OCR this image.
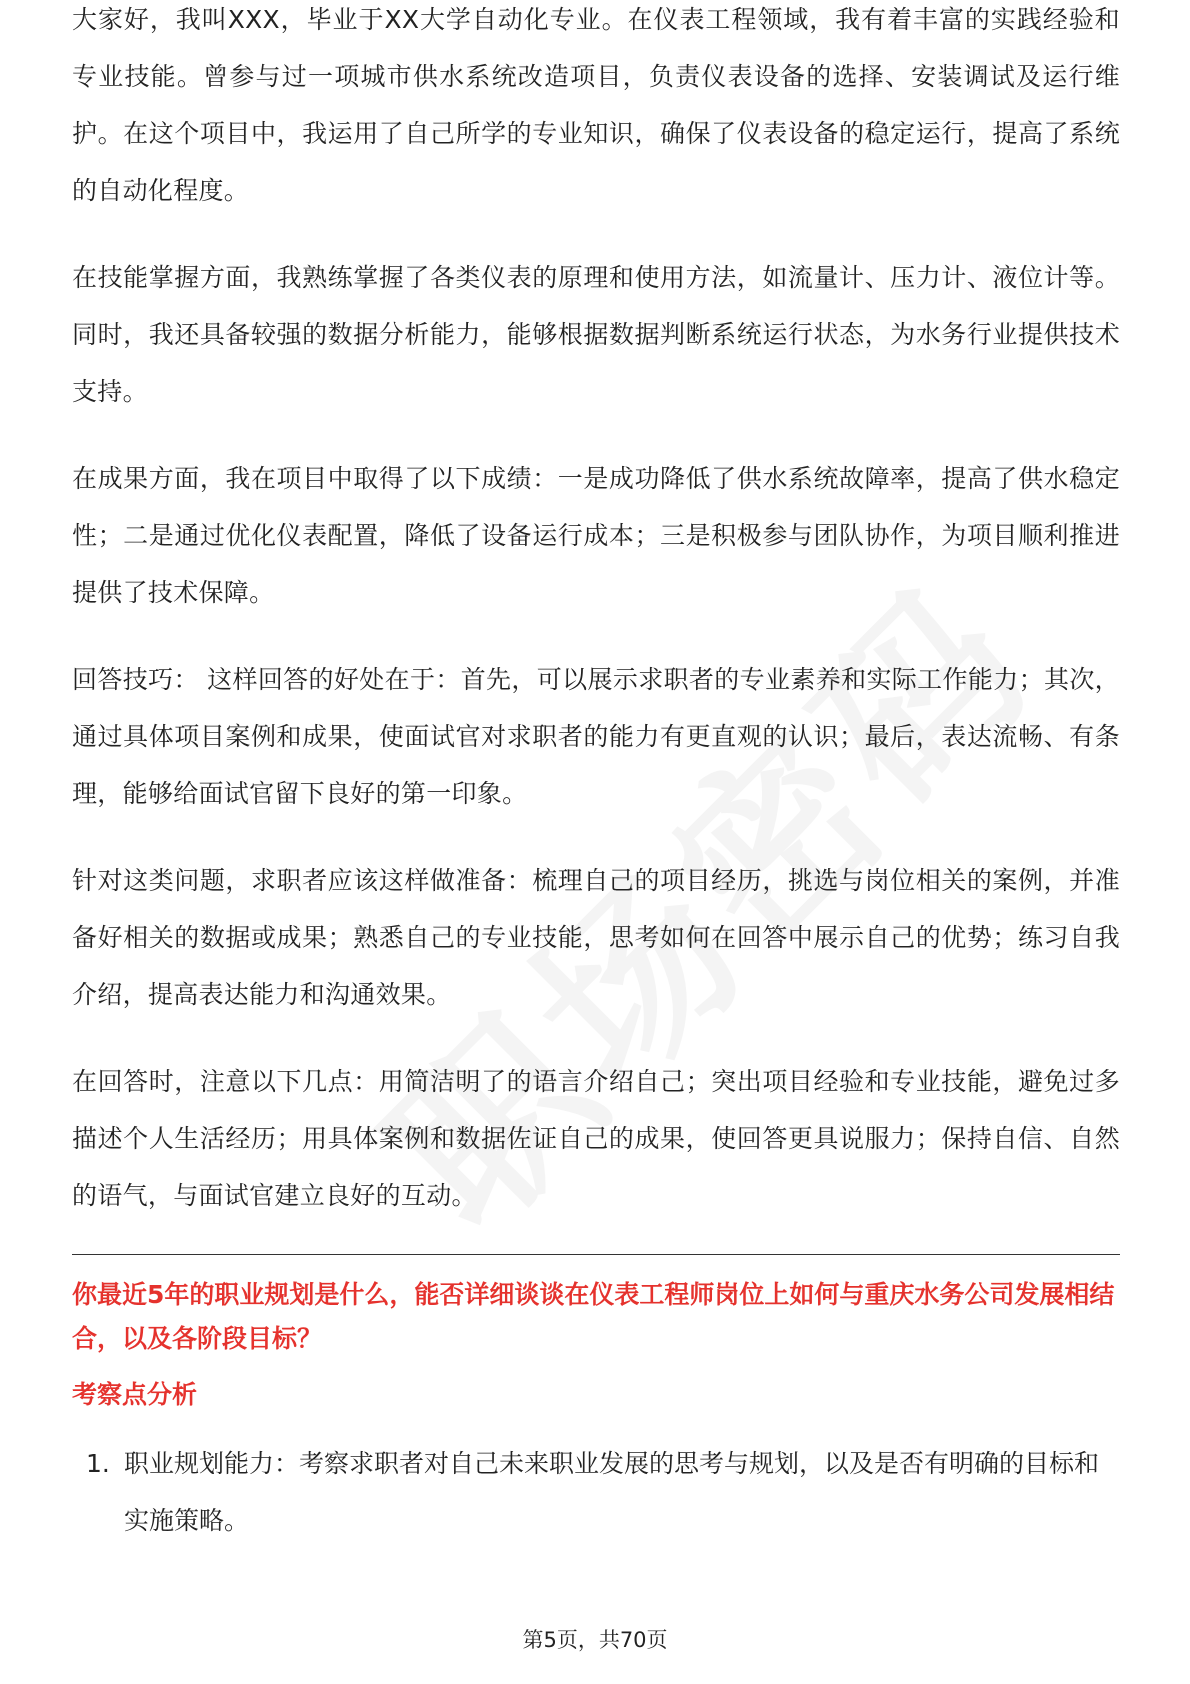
大家好，我叫XXX，毕业于XX大学自动化专业。在仪表工程领域，我有着丰富的实践经验和专业技能。曾参与过一项城市供水系统改造项目，负责仪表设备的选择、安装调试及运行维护。在这个项目中，我运用了自己所学的专业知识，确保了仪表设备的稳定运行，提高了系统的自动化程度。

在技能掌握方面，我熟练掌握了各类仪表的原理和使用方法，如流量计、压力计、液位计等。同时，我还具备较强的数据分析能力，能够根据数据判断系统运行状态，为水务行业提供技术支持。

在成果方面，我在项目中取得了以下成绩：一是成功降低了供水系统故障率，提高了供水稳定性；二是通过优化仪表配置，降低了设备运行成本；三是积极参与团队协作，为项目顺利推进提供了技术保障。

回答技巧： 这样回答的好处在于：首先，可以展示求职者的专业素养和实际工作能力；其次，通过具体项目案例和成果，使面试官对求职者的能力有更直观的认识；最后，表达流畅、有条理，能够给面试官留下良好的第一印象。

针对这类问题，求职者应该这样做准备：梳理自己的项目经历，挑选与岗位相关的案例，并准备好相关的数据或成果；熟悉自己的专业技能，思考如何在回答中展示自己的优势；练习自我介绍，提高表达能力和沟通效果。

在回答时，注意以下几点：用简洁明了的语言介绍自己；突出项目经验和专业技能，避免过多描述个人生活经历；用具体案例和数据佐证自己的成果，使回答更具说服力；保持自信、自然的语气，与面试官建立良好的互动。

你最近5年的职业规划是什么，能否详细谈谈在仪表工程师岗位上如何与重庆水务公司发展相结合，以及各阶段目标？
考察点分析
1. 职业规划能力：考察求职者对自己未来职业发展的思考与规划，以及是否有明确的目标和实施策略。
第5页，共70页
